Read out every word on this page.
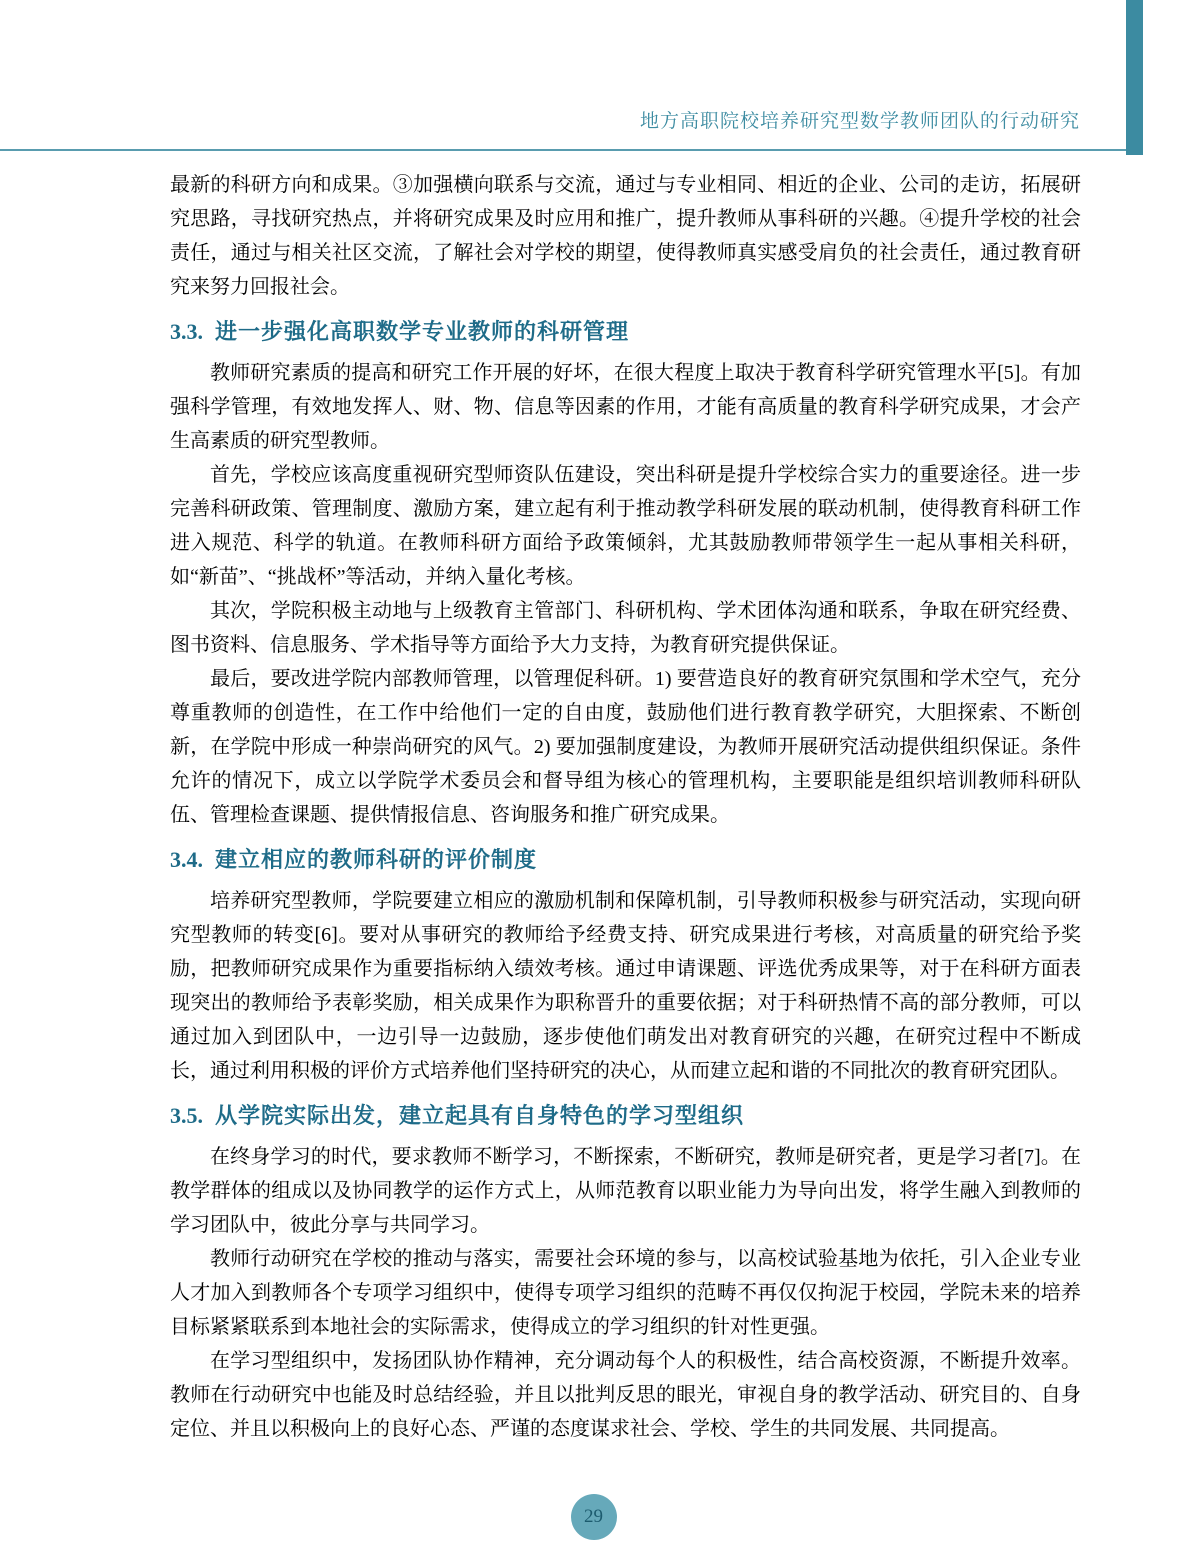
地方高职院校培养研究型数学教师团队的行动研究

最新的科研方向和成果。③加强横向联系与交流，通过与专业相同、相近的企业、公司的走访，拓展研究思路，寻找研究热点，并将研究成果及时应用和推广，提升教师从事科研的兴趣。④提升学校的社会责任，通过与相关社区交流，了解社会对学校的期望，使得教师真实感受肩负的社会责任，通过教育研究来努力回报社会。

3.3. 进一步强化高职数学专业教师的科研管理

教师研究素质的提高和研究工作开展的好坏，在很大程度上取决于教育科学研究管理水平[5]。有加强科学管理，有效地发挥人、财、物、信息等因素的作用，才能有高质量的教育科学研究成果，才会产生高素质的研究型教师。

首先，学校应该高度重视研究型师资队伍建设，突出科研是提升学校综合实力的重要途径。进一步完善科研政策、管理制度、激励方案，建立起有利于推动教学科研发展的联动机制，使得教育科研工作进入规范、科学的轨道。在教师科研方面给予政策倾斜，尤其鼓励教师带领学生一起从事相关科研，如“新苗”、“挑战杯”等活动，并纳入量化考核。

其次，学院积极主动地与上级教育主管部门、科研机构、学术团体沟通和联系，争取在研究经费、图书资料、信息服务、学术指导等方面给予大力支持，为教育研究提供保证。

最后，要改进学院内部教师管理，以管理促科研。1) 要营造良好的教育研究氛围和学术空气，充分尊重教师的创造性，在工作中给他们一定的自由度，鼓励他们进行教育教学研究，大胆探索、不断创新，在学院中形成一种崇尚研究的风气。2) 要加强制度建设，为教师开展研究活动提供组织保证。条件允许的情况下，成立以学院学术委员会和督导组为核心的管理机构，主要职能是组织培训教师科研队伍、管理检查课题、提供情报信息、咨询服务和推广研究成果。

3.4. 建立相应的教师科研的评价制度

培养研究型教师，学院要建立相应的激励机制和保障机制，引导教师积极参与研究活动，实现向研究型教师的转变[6]。要对从事研究的教师给予经费支持、研究成果进行考核，对高质量的研究给予奖励，把教师研究成果作为重要指标纳入绩效考核。通过申请课题、评选优秀成果等，对于在科研方面表现突出的教师给予表彰奖励，相关成果作为职称晋升的重要依据；对于科研热情不高的部分教师，可以通过加入到团队中，一边引导一边鼓励，逐步使他们萌发出对教育研究的兴趣，在研究过程中不断成长，通过利用积极的评价方式培养他们坚持研究的决心，从而建立起和谐的不同批次的教育研究团队。

3.5. 从学院实际出发，建立起具有自身特色的学习型组织

在终身学习的时代，要求教师不断学习，不断探索，不断研究，教师是研究者，更是学习者[7]。在教学群体的组成以及协同教学的运作方式上，从师范教育以职业能力为导向出发，将学生融入到教师的学习团队中，彼此分享与共同学习。

教师行动研究在学校的推动与落实，需要社会环境的参与，以高校试验基地为依托，引入企业专业人才加入到教师各个专项学习组织中，使得专项学习组织的范畴不再仅仅拘泥于校园，学院未来的培养目标紧紧联系到本地社会的实际需求，使得成立的学习组织的针对性更强。

在学习型组织中，发扬团队协作精神，充分调动每个人的积极性，结合高校资源，不断提升效率。教师在行动研究中也能及时总结经验，并且以批判反思的眼光，审视自身的教学活动、研究目的、自身定位、并且以积极向上的良好心态、严谨的态度谋求社会、学校、学生的共同发展、共同提高。

29
